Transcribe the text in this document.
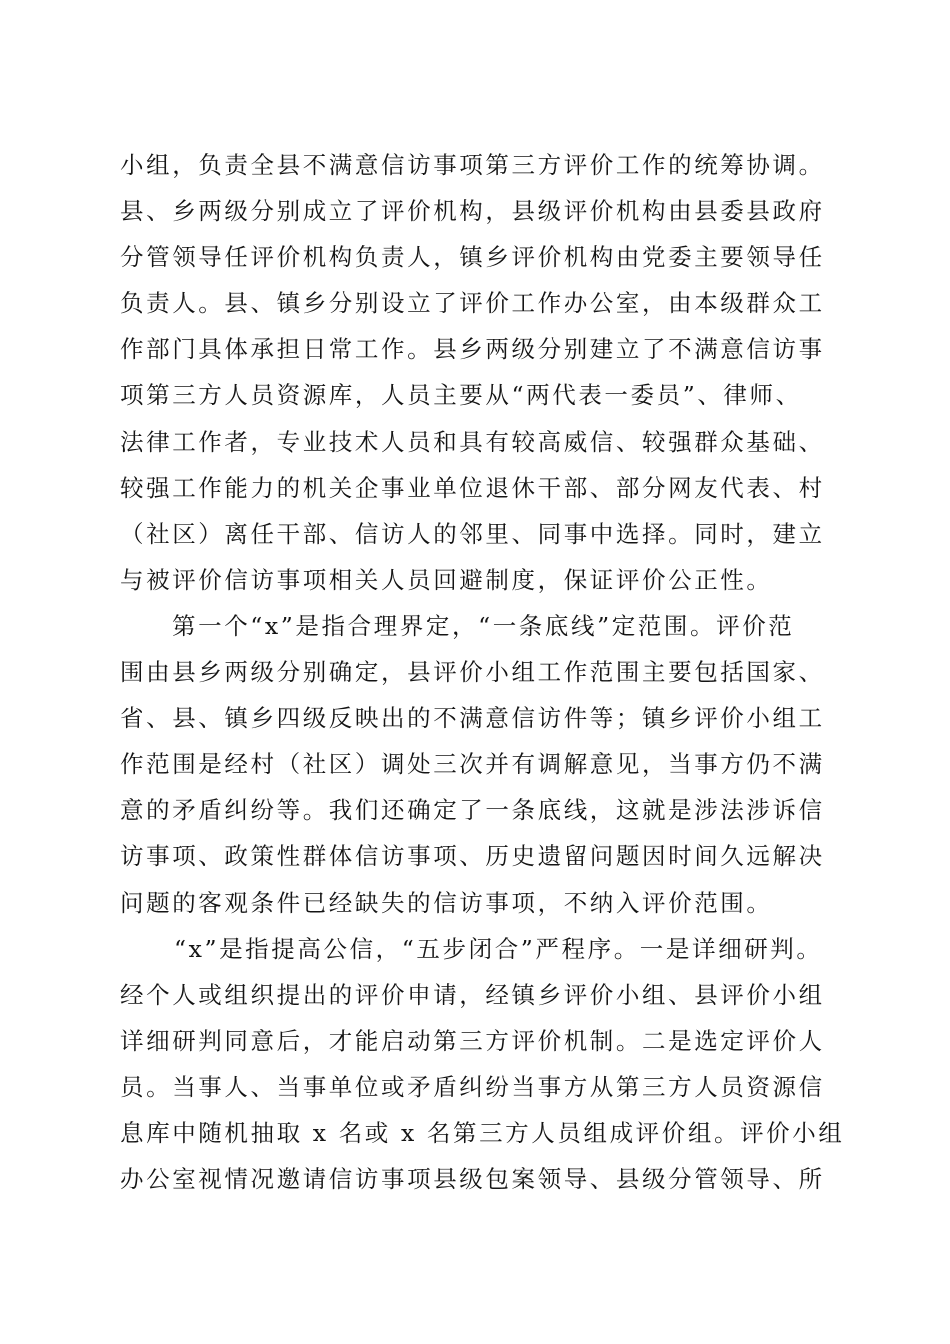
小组，负责全县不满意信访事项第三方评价工作的统筹协调。
县、乡两级分别成立了评价机构，县级评价机构由县委县政府
分管领导任评价机构负责人，镇乡评价机构由党委主要领导任
负责人。县、镇乡分别设立了评价工作办公室，由本级群众工
作部门具体承担日常工作。县乡两级分别建立了不满意信访事
项第三方人员资源库，人员主要从“两代表一委员”、律师、
法律工作者，专业技术人员和具有较高威信、较强群众基础、
较强工作能力的机关企事业单位退休干部、部分网友代表、村
（社区）离任干部、信访人的邻里、同事中选择。同时，建立
与被评价信访事项相关人员回避制度，保证评价公正性。
第一个“x”是指合理界定，“一条底线”定范围。评价范
围由县乡两级分别确定，县评价小组工作范围主要包括国家、
省、县、镇乡四级反映出的不满意信访件等；镇乡评价小组工
作范围是经村（社区）调处三次并有调解意见，当事方仍不满
意的矛盾纠纷等。我们还确定了一条底线，这就是涉法涉诉信
访事项、政策性群体信访事项、历史遗留问题因时间久远解决
问题的客观条件已经缺失的信访事项，不纳入评价范围。
“x”是指提高公信，“五步闭合”严程序。一是详细研判。
经个人或组织提出的评价申请，经镇乡评价小组、县评价小组
详细研判同意后，才能启动第三方评价机制。二是选定评价人
员。当事人、当事单位或矛盾纠纷当事方从第三方人员资源信
息库中随机抽取 x 名或 x 名第三方人员组成评价组。评价小组
办公室视情况邀请信访事项县级包案领导、县级分管领导、所
